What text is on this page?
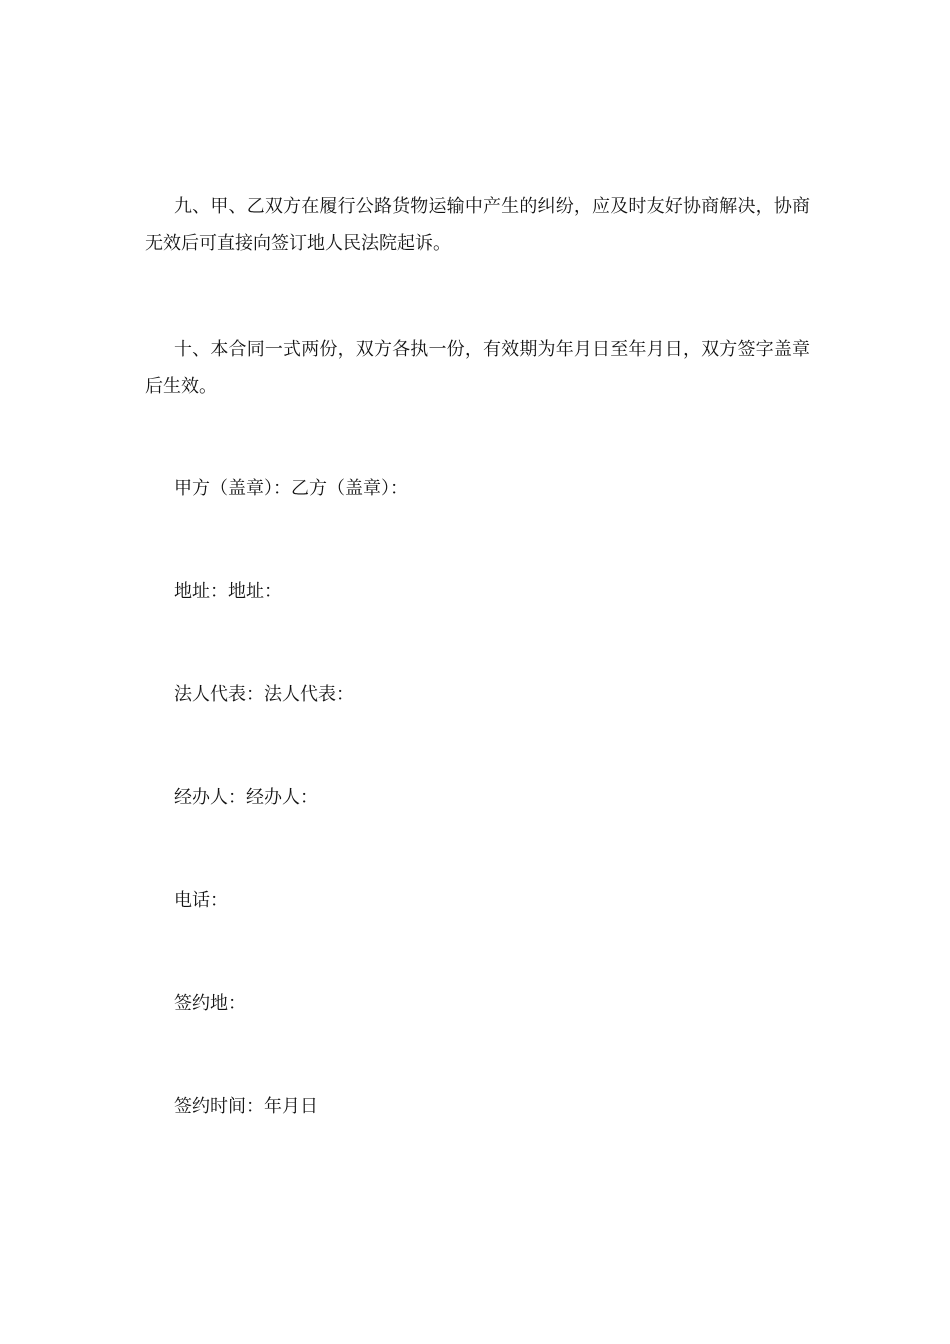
九、甲、乙双方在履行公路货物运输中产生的纠纷，应及时友好协商解决，协商无效后可直接向签订地人民法院起诉。

十、本合同一式两份，双方各执一份，有效期为年月日至年月日，双方签字盖章后生效。

甲方（盖章）：乙方（盖章）：

地址：地址：

法人代表：法人代表：

经办人：经办人：

电话：

签约地：

签约时间：年月日
